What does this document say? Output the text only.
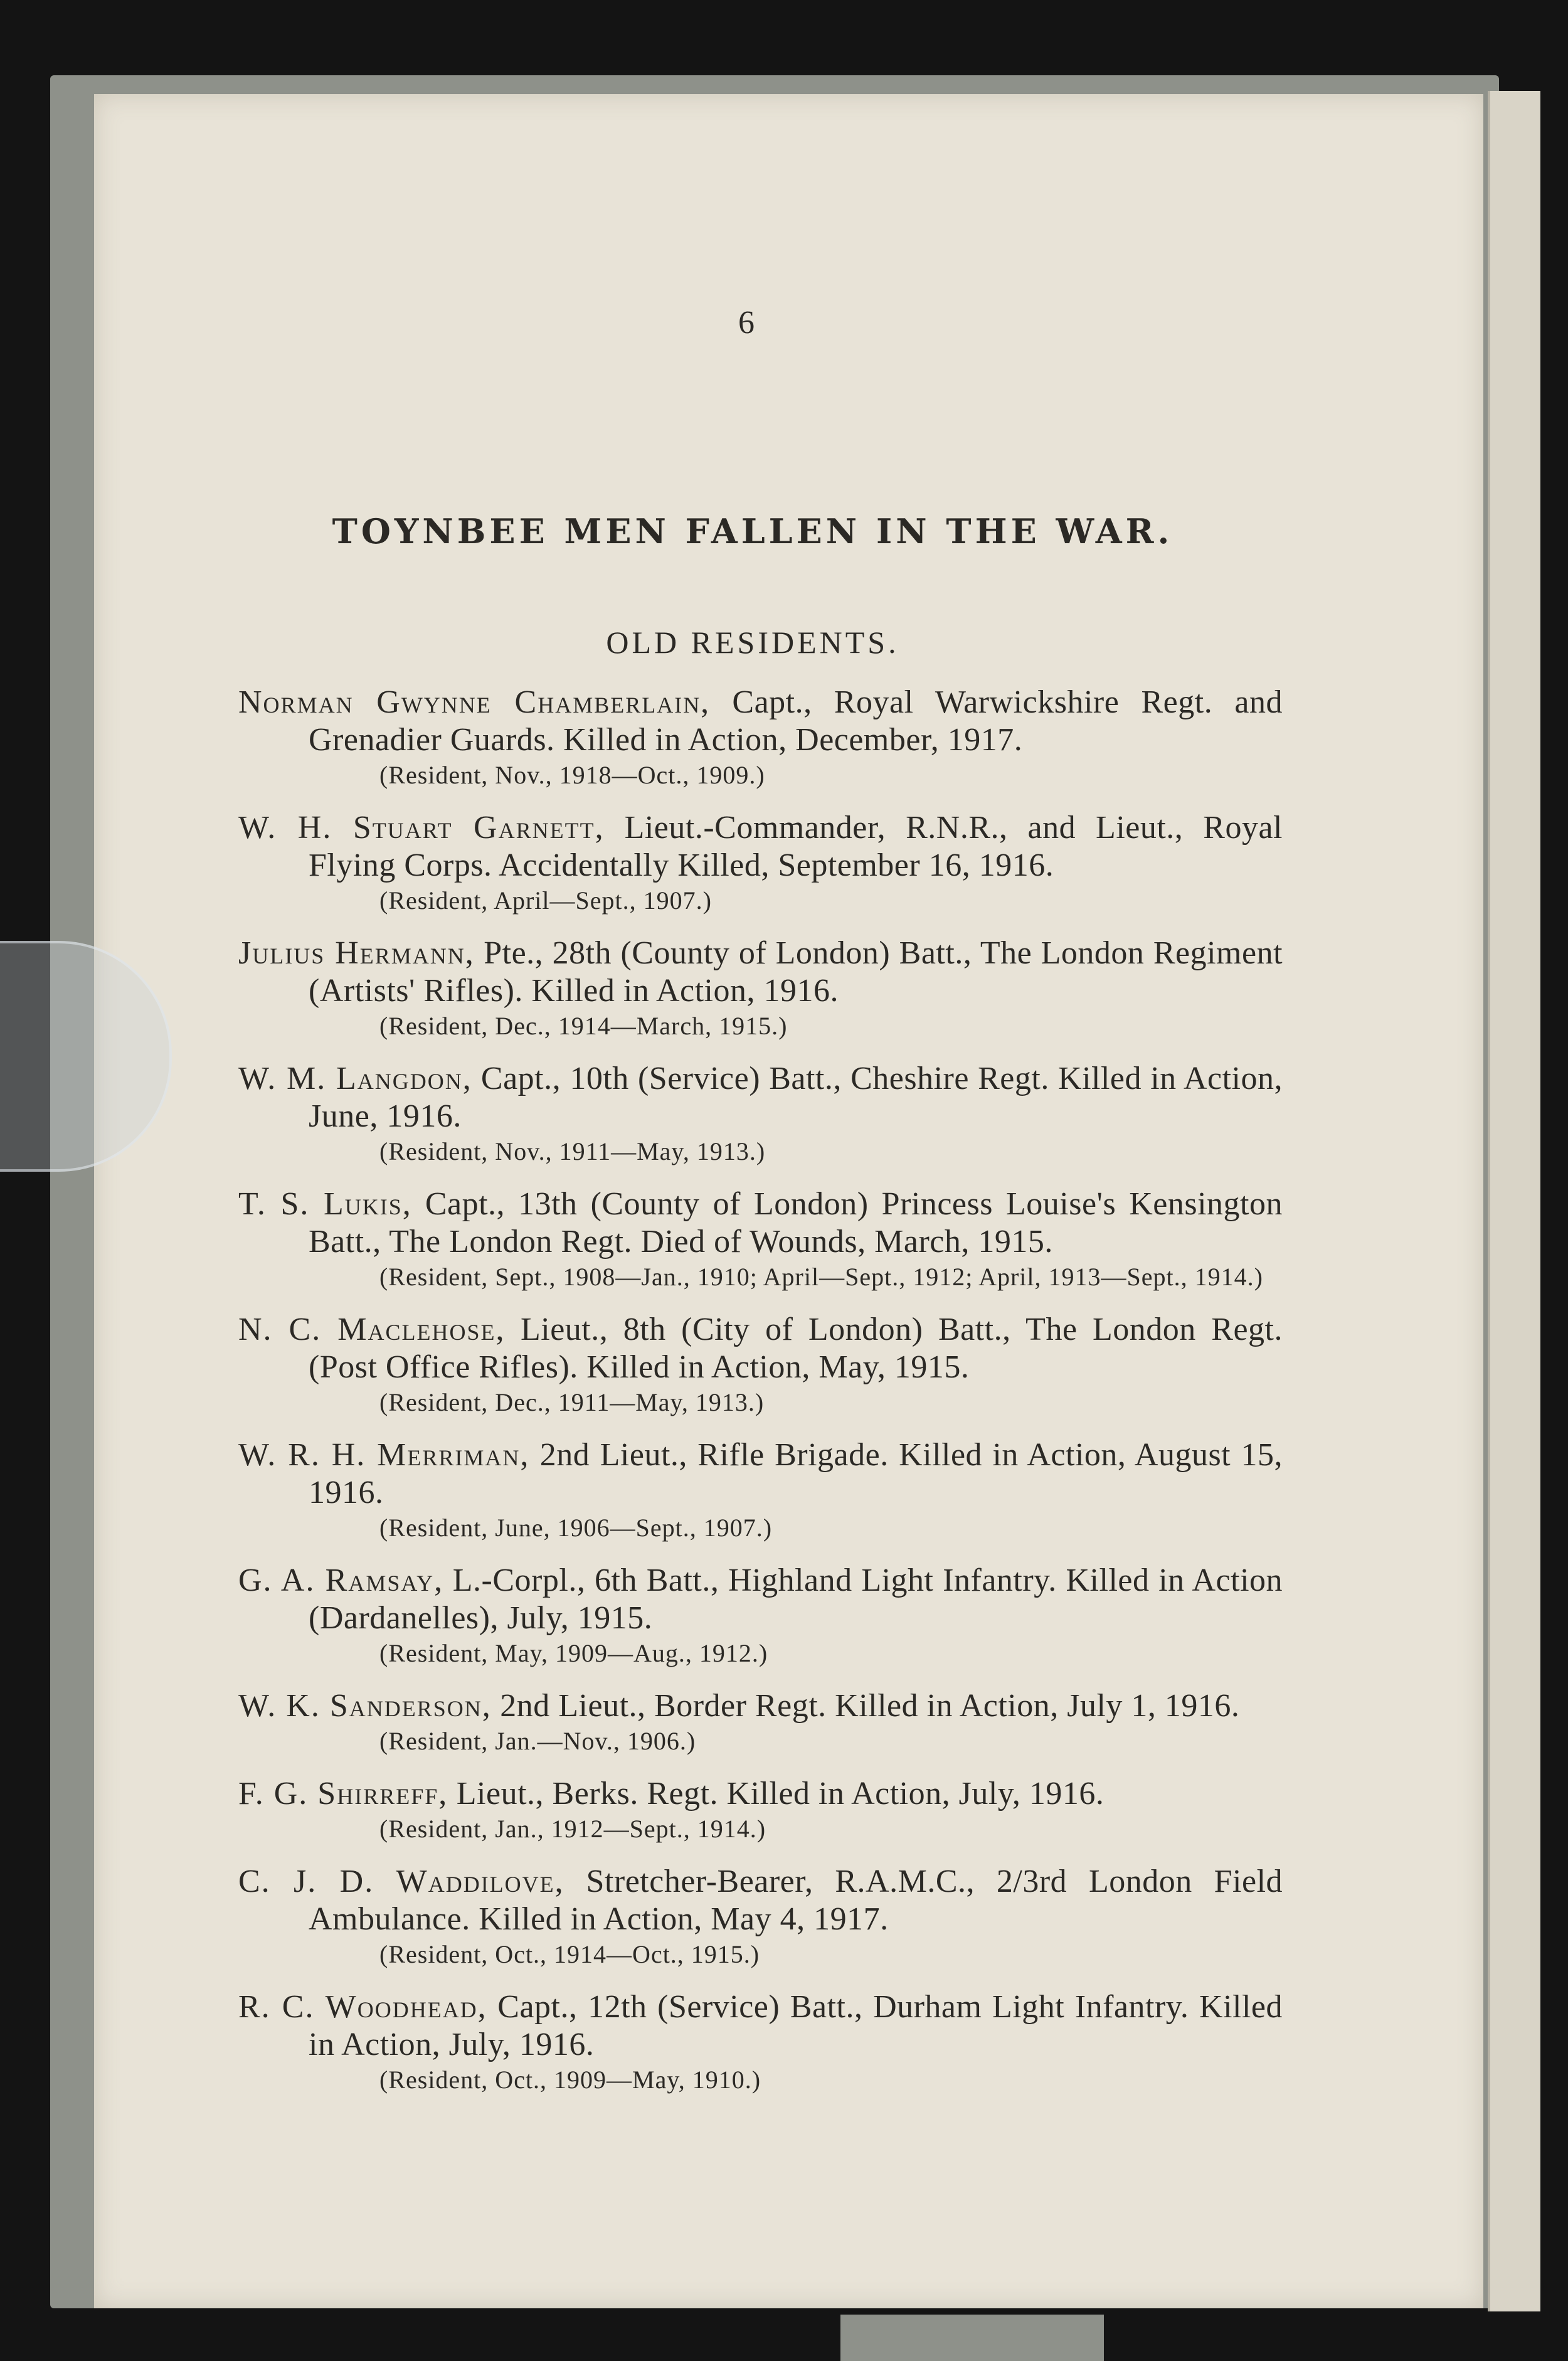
6
TOYNBEE MEN FALLEN IN THE WAR.
OLD RESIDENTS.
Norman Gwynne Chamberlain, Capt., Royal Warwickshire Regt. and Grenadier Guards. Killed in Action, December, 1917.
(Resident, Nov., 1918—Oct., 1909.)
W. H. Stuart Garnett, Lieut.-Commander, R.N.R., and Lieut., Royal Flying Corps. Accidentally Killed, September 16, 1916.
(Resident, April—Sept., 1907.)
Julius Hermann, Pte., 28th (County of London) Batt., The London Regiment (Artists' Rifles). Killed in Action, 1916.
(Resident, Dec., 1914—March, 1915.)
W. M. Langdon, Capt., 10th (Service) Batt., Cheshire Regt. Killed in Action, June, 1916.
(Resident, Nov., 1911—May, 1913.)
T. S. Lukis, Capt., 13th (County of London) Princess Louise's Kensington Batt., The London Regt. Died of Wounds, March, 1915.
(Resident, Sept., 1908—Jan., 1910; April—Sept., 1912; April, 1913—Sept., 1914.)
N. C. Maclehose, Lieut., 8th (City of London) Batt., The London Regt. (Post Office Rifles). Killed in Action, May, 1915.
(Resident, Dec., 1911—May, 1913.)
W. R. H. Merriman, 2nd Lieut., Rifle Brigade. Killed in Action, August 15, 1916.
(Resident, June, 1906—Sept., 1907.)
G. A. Ramsay, L.-Corpl., 6th Batt., Highland Light Infantry. Killed in Action (Dardanelles), July, 1915.
(Resident, May, 1909—Aug., 1912.)
W. K. Sanderson, 2nd Lieut., Border Regt. Killed in Action, July 1, 1916.
(Resident, Jan.—Nov., 1906.)
F. G. Shirreff, Lieut., Berks. Regt. Killed in Action, July, 1916.
(Resident, Jan., 1912—Sept., 1914.)
C. J. D. Waddilove, Stretcher-Bearer, R.A.M.C., 2/3rd London Field Ambulance. Killed in Action, May 4, 1917.
(Resident, Oct., 1914—Oct., 1915.)
R. C. Woodhead, Capt., 12th (Service) Batt., Durham Light Infantry. Killed in Action, July, 1916.
(Resident, Oct., 1909—May, 1910.)
